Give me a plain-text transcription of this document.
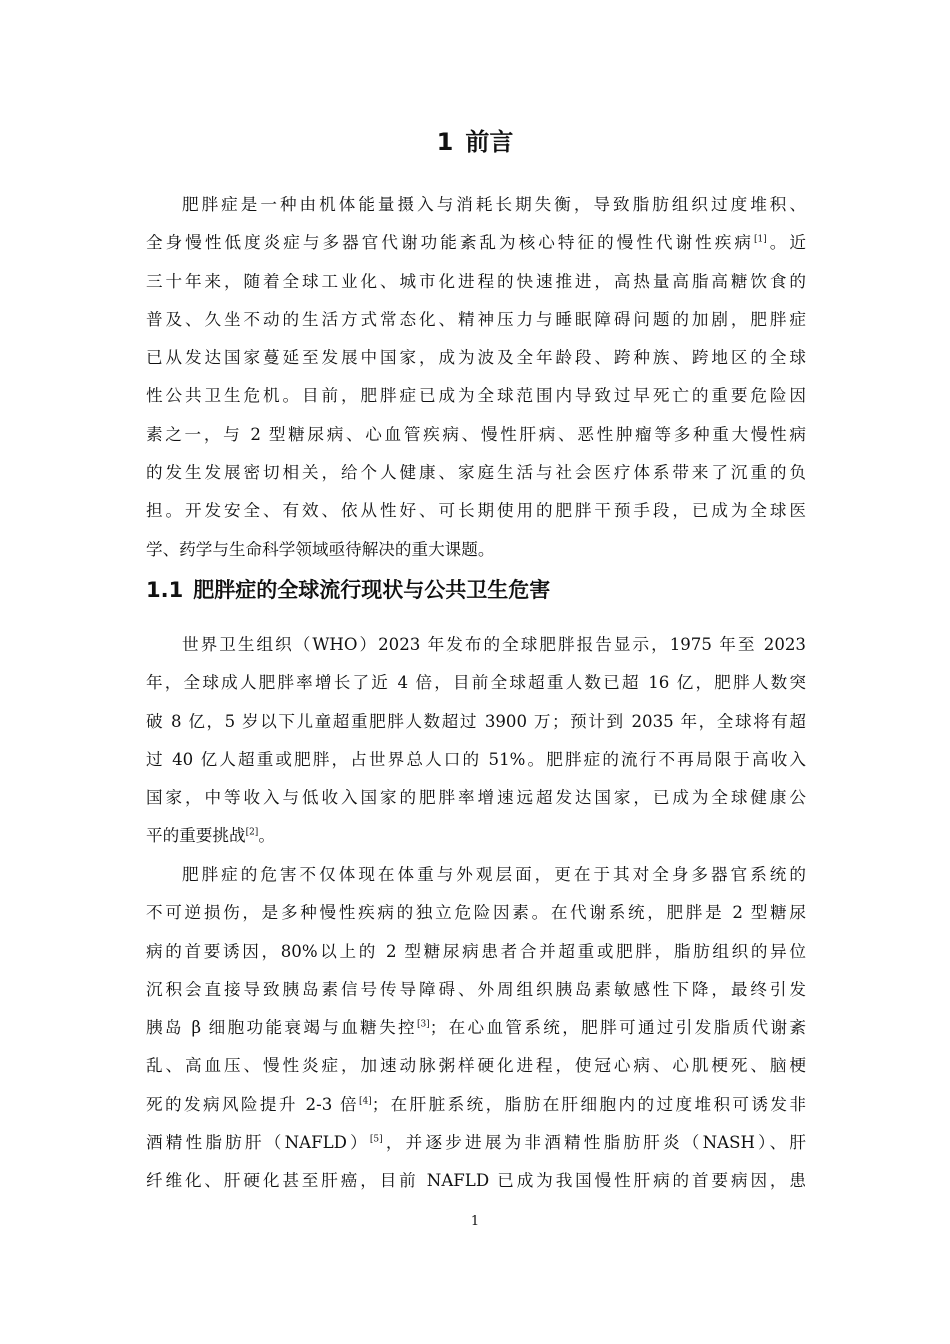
1 前言
肥胖症是一种由机体能量摄入与消耗长期失衡，导致脂肪组织过度堆积、
全身慢性低度炎症与多器官代谢功能紊乱为核心特征的慢性代谢性疾病[1]。近
三十年来，随着全球工业化、城市化进程的快速推进，高热量高脂高糖饮食的
普及、久坐不动的生活方式常态化、精神压力与睡眠障碍问题的加剧，肥胖症
已从发达国家蔓延至发展中国家，成为波及全年龄段、跨种族、跨地区的全球
性公共卫生危机。目前，肥胖症已成为全球范围内导致过早死亡的重要危险因
素之一，与 2 型糖尿病、心血管疾病、慢性肝病、恶性肿瘤等多种重大慢性病
的发生发展密切相关，给个人健康、家庭生活与社会医疗体系带来了沉重的负
担。开发安全、有效、依从性好、可长期使用的肥胖干预手段，已成为全球医
学、药学与生命科学领域亟待解决的重大课题。
1.1 肥胖症的全球流行现状与公共卫生危害
世界卫生组织（WHO）2023 年发布的全球肥胖报告显示，1975 年至 2023
年，全球成人肥胖率增长了近 4 倍，目前全球超重人数已超 16 亿，肥胖人数突
破 8 亿，5 岁以下儿童超重肥胖人数超过 3900 万；预计到 2035 年，全球将有超
过 40 亿人超重或肥胖，占世界总人口的 51%。肥胖症的流行不再局限于高收入
国家，中等收入与低收入国家的肥胖率增速远超发达国家，已成为全球健康公
平的重要挑战[2]。
肥胖症的危害不仅体现在体重与外观层面，更在于其对全身多器官系统的
不可逆损伤，是多种慢性疾病的独立危险因素。在代谢系统，肥胖是 2 型糖尿
病的首要诱因，80%以上的 2 型糖尿病患者合并超重或肥胖，脂肪组织的异位
沉积会直接导致胰岛素信号传导障碍、外周组织胰岛素敏感性下降，最终引发
胰岛 β 细胞功能衰竭与血糖失控[3]；在心血管系统，肥胖可通过引发脂质代谢紊
乱、高血压、慢性炎症，加速动脉粥样硬化进程，使冠心病、心肌梗死、脑梗
死的发病风险提升 2-3 倍[4]；在肝脏系统，脂肪在肝细胞内的过度堆积可诱发非
酒精性脂肪肝（NAFLD）[5]，并逐步进展为非酒精性脂肪肝炎（NASH）、肝
纤维化、肝硬化甚至肝癌，目前 NAFLD 已成为我国慢性肝病的首要病因，患
1
